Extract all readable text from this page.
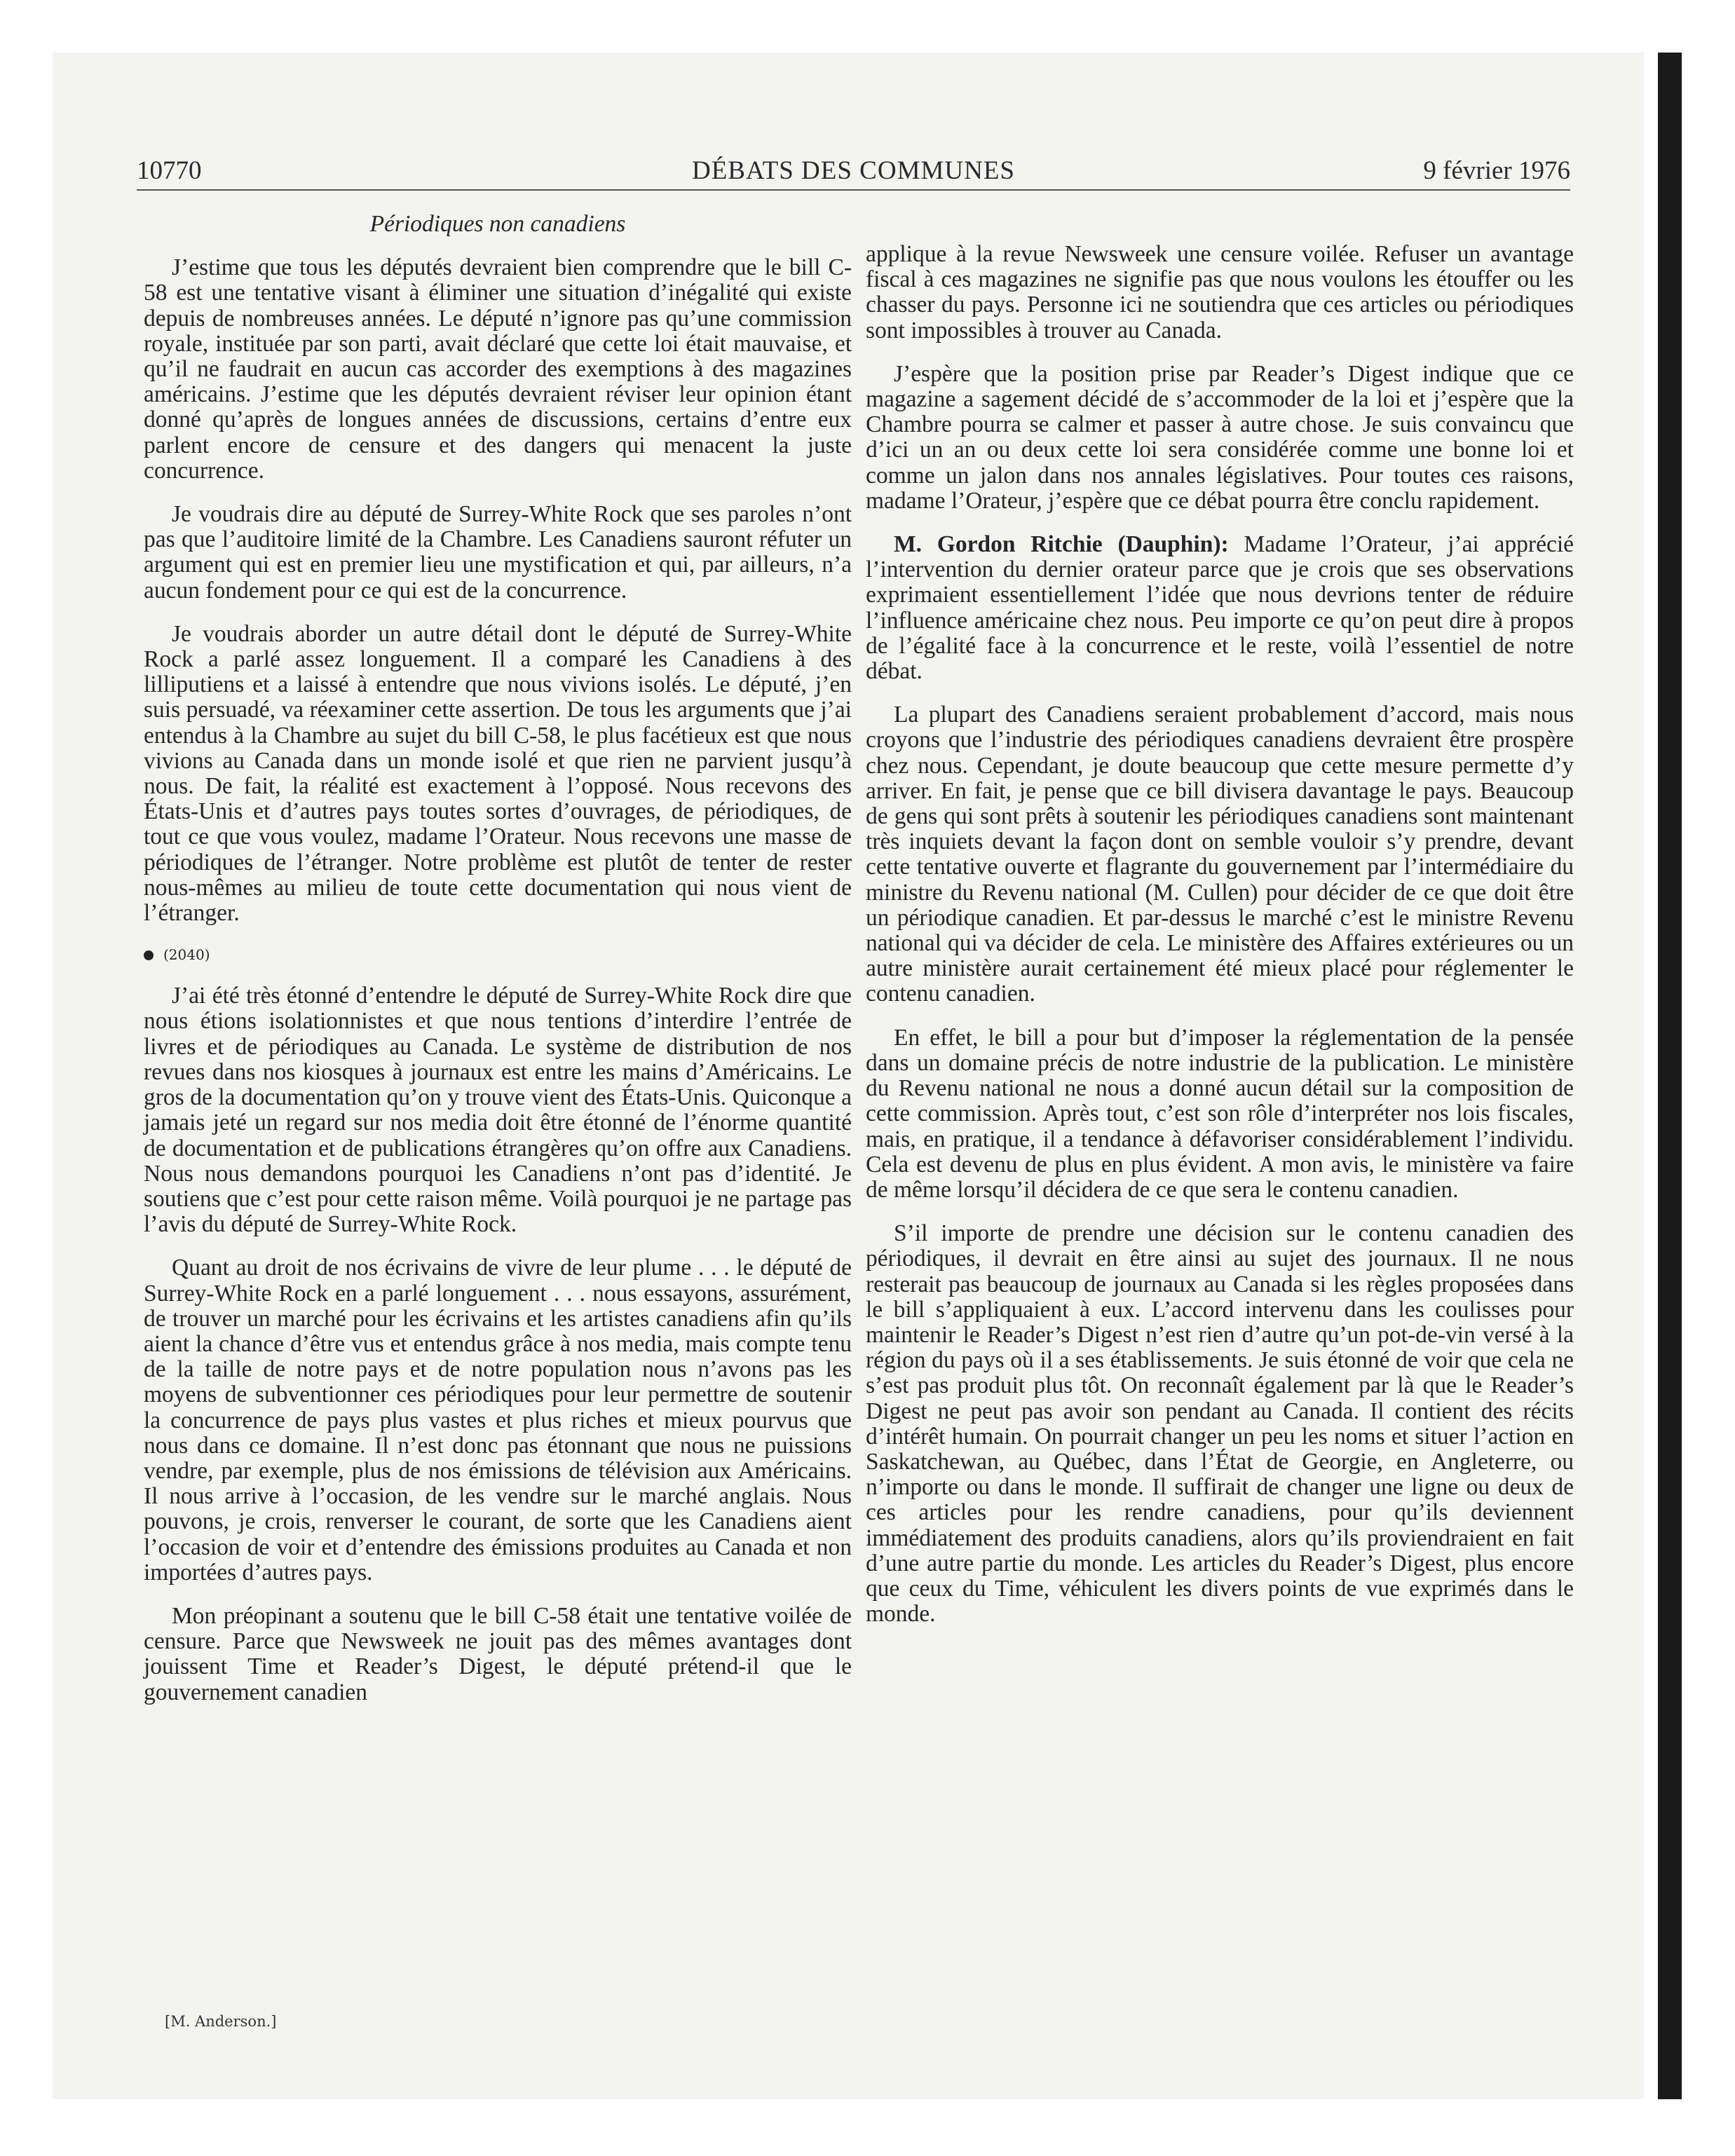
10770	DÉBATS DES COMMUNES	9 février 1976

Périodiques non canadiens

J’estime que tous les députés devraient bien comprendre que le bill C-58 est une tentative visant à éliminer une situation d’inégalité qui existe depuis de nombreuses années. Le député n’ignore pas qu’une commission royale, instituée par son parti, avait déclaré que cette loi était mauvaise, et qu’il ne faudrait en aucun cas accorder des exemptions à des magazines américains. J’estime que les députés devraient réviser leur opinion étant donné qu’après de longues années de discussions, certains d’entre eux parlent encore de censure et des dangers qui menacent la juste concurrence.

Je voudrais dire au député de Surrey-White Rock que ses paroles n’ont pas que l’auditoire limité de la Chambre. Les Canadiens sauront réfuter un argument qui est en premier lieu une mystification et qui, par ailleurs, n’a aucun fondement pour ce qui est de la concurrence.

Je voudrais aborder un autre détail dont le député de Surrey-White Rock a parlé assez longuement. Il a comparé les Canadiens à des lilliputiens et a laissé à entendre que nous vivions isolés. Le député, j’en suis persuadé, va réexaminer cette assertion. De tous les arguments que j’ai entendus à la Chambre au sujet du bill C-58, le plus facétieux est que nous vivions au Canada dans un monde isolé et que rien ne parvient jusqu’à nous. De fait, la réalité est exactement à l’opposé. Nous recevons des États-Unis et d’autres pays toutes sortes d’ouvrages, de périodiques, de tout ce que vous voulez, madame l’Orateur. Nous recevons une masse de périodiques de l’étranger. Notre problème est plutôt de tenter de rester nous-mêmes au milieu de toute cette documentation qui nous vient de l’étranger.

(2040)

J’ai été très étonné d’entendre le député de Surrey-White Rock dire que nous étions isolationnistes et que nous tentions d’interdire l’entrée de livres et de périodiques au Canada. Le système de distribution de nos revues dans nos kiosques à journaux est entre les mains d’Américains. Le gros de la documentation qu’on y trouve vient des États-Unis. Quiconque a jamais jeté un regard sur nos media doit être étonné de l’énorme quantité de documentation et de publications étrangères qu’on offre aux Canadiens. Nous nous demandons pourquoi les Canadiens n’ont pas d’identité. Je soutiens que c’est pour cette raison même. Voilà pourquoi je ne partage pas l’avis du député de Surrey-White Rock.

Quant au droit de nos écrivains de vivre de leur plume . . . le député de Surrey-White Rock en a parlé longuement . . . nous essayons, assurément, de trouver un marché pour les écrivains et les artistes canadiens afin qu’ils aient la chance d’être vus et entendus grâce à nos media, mais compte tenu de la taille de notre pays et de notre population nous n’avons pas les moyens de subventionner ces périodiques pour leur permettre de soutenir la concurrence de pays plus vastes et plus riches et mieux pourvus que nous dans ce domaine. Il n’est donc pas étonnant que nous ne puissions vendre, par exemple, plus de nos émissions de télévision aux Américains. Il nous arrive à l’occasion, de les vendre sur le marché anglais. Nous pouvons, je crois, renverser le courant, de sorte que les Canadiens aient l’occasion de voir et d’entendre des émissions produites au Canada et non importées d’autres pays.

Mon préopinant a soutenu que le bill C-58 était une tentative voilée de censure. Parce que Newsweek ne jouit pas des mêmes avantages dont jouissent Time et Reader’s Digest, le député prétend-il que le gouvernement canadien

[M. Anderson.]

applique à la revue Newsweek une censure voilée. Refuser un avantage fiscal à ces magazines ne signifie pas que nous voulons les étouffer ou les chasser du pays. Personne ici ne soutiendra que ces articles ou périodiques sont impossibles à trouver au Canada.

J’espère que la position prise par Reader’s Digest indique que ce magazine a sagement décidé de s’accommoder de la loi et j’espère que la Chambre pourra se calmer et passer à autre chose. Je suis convaincu que d’ici un an ou deux cette loi sera considérée comme une bonne loi et comme un jalon dans nos annales législatives. Pour toutes ces raisons, madame l’Orateur, j’espère que ce débat pourra être conclu rapidement.

M. Gordon Ritchie (Dauphin): Madame l’Orateur, j’ai apprécié l’intervention du dernier orateur parce que je crois que ses observations exprimaient essentiellement l’idée que nous devrions tenter de réduire l’influence américaine chez nous. Peu importe ce qu’on peut dire à propos de l’égalité face à la concurrence et le reste, voilà l’essentiel de notre débat.

La plupart des Canadiens seraient probablement d’accord, mais nous croyons que l’industrie des périodiques canadiens devraient être prospère chez nous. Cependant, je doute beaucoup que cette mesure permette d’y arriver. En fait, je pense que ce bill divisera davantage le pays. Beaucoup de gens qui sont prêts à soutenir les périodiques canadiens sont maintenant très inquiets devant la façon dont on semble vouloir s’y prendre, devant cette tentative ouverte et flagrante du gouvernement par l’intermédiaire du ministre du Revenu national (M. Cullen) pour décider de ce que doit être un périodique canadien. Et par-dessus le marché c’est le ministre Revenu national qui va décider de cela. Le ministère des Affaires extérieures ou un autre ministère aurait certainement été mieux placé pour réglementer le contenu canadien.

En effet, le bill a pour but d’imposer la réglementation de la pensée dans un domaine précis de notre industrie de la publication. Le ministère du Revenu national ne nous a donné aucun détail sur la composition de cette commission. Après tout, c’est son rôle d’interpréter nos lois fiscales, mais, en pratique, il a tendance à défavoriser considérablement l’individu. Cela est devenu de plus en plus évident. A mon avis, le ministère va faire de même lorsqu’il décidera de ce que sera le contenu canadien.

S’il importe de prendre une décision sur le contenu canadien des périodiques, il devrait en être ainsi au sujet des journaux. Il ne nous resterait pas beaucoup de journaux au Canada si les règles proposées dans le bill s’appliquaient à eux. L’accord intervenu dans les coulisses pour maintenir le Reader’s Digest n’est rien d’autre qu’un pot-de-vin versé à la région du pays où il a ses établissements. Je suis étonné de voir que cela ne s’est pas produit plus tôt. On reconnaît également par là que le Reader’s Digest ne peut pas avoir son pendant au Canada. Il contient des récits d’intérêt humain. On pourrait changer un peu les noms et situer l’action en Saskatchewan, au Québec, dans l’État de Georgie, en Angleterre, ou n’importe ou dans le monde. Il suffirait de changer une ligne ou deux de ces articles pour les rendre canadiens, pour qu’ils deviennent immédiatement des produits canadiens, alors qu’ils proviendraient en fait d’une autre partie du monde. Les articles du Reader’s Digest, plus encore que ceux du Time, véhiculent les divers points de vue exprimés dans le monde.
